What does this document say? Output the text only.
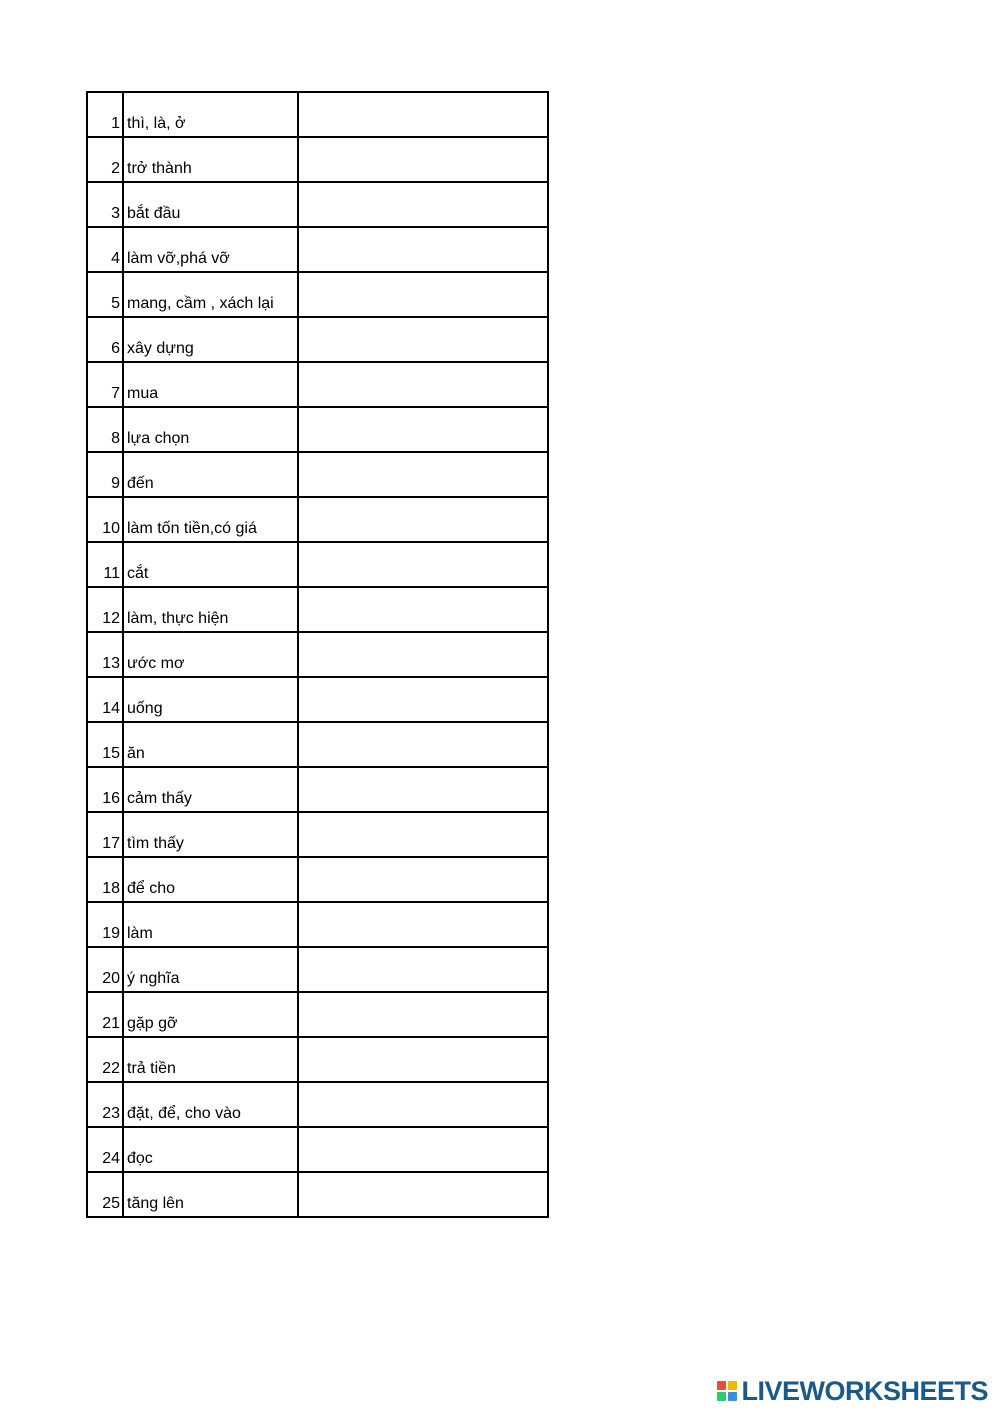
1	thì, là, ở	
2	trở thành	
3	bắt đầu	
4	làm vỡ,phá vỡ	
5	mang, cầm , xách lại	
6	xây dựng	
7	mua	
8	lựa chọn	
9	đến	
10	làm tốn tiền,có giá	
11	cắt	
12	làm, thực hiện	
13	ước mơ	
14	uống	
15	ăn	
16	cảm thấy	
17	tìm thấy	
18	để cho	
19	làm	
20	ý nghĩa	
21	gặp gỡ	
22	trả tiền	
23	đặt, để, cho vào	
24	đọc	
25	tăng lên	
LIVEWORKSHEETS
